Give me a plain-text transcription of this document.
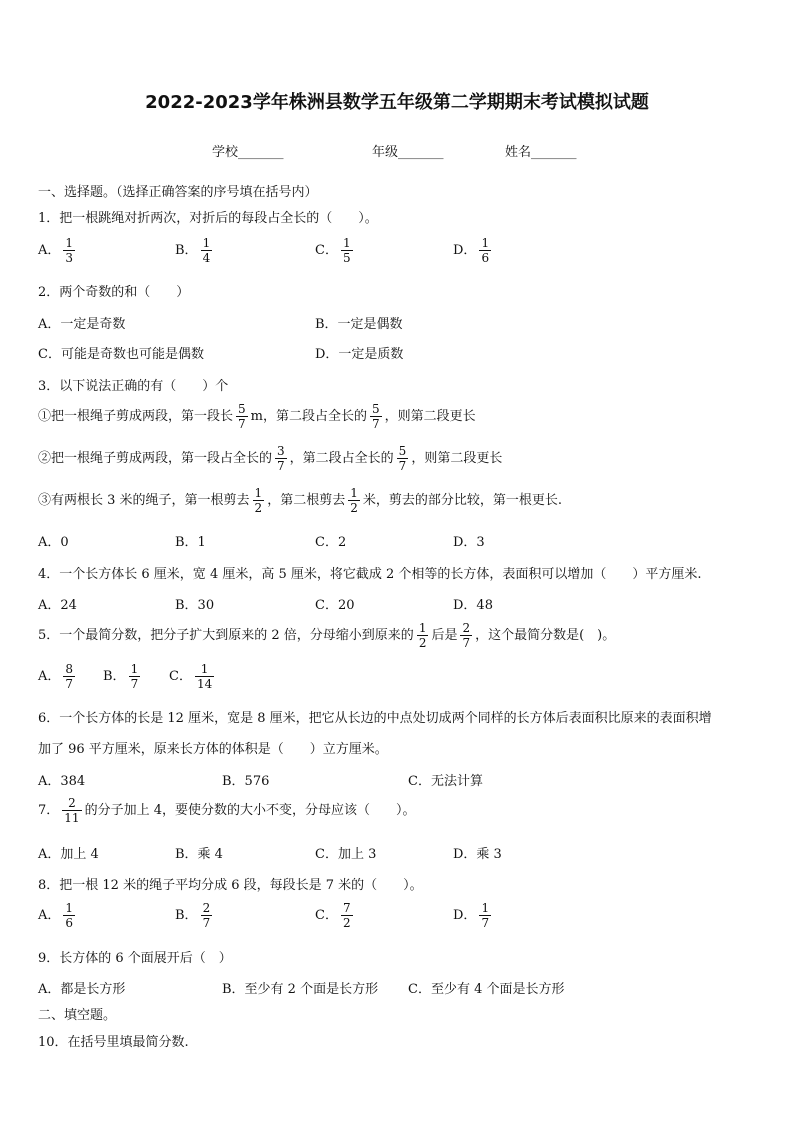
2022-2023学年株洲县数学五年级第二学期期末考试模拟试题
学校_______	年级_______	姓名_______
一、选择题。（选择正确答案的序号填在括号内）
1．把一根跳绳对折两次，对折后的每段占全长的（　　）。
A． $\frac{1}{3}$	B． $\frac{1}{4}$	C． $\frac{1}{5}$	D． $\frac{1}{6}$
2．两个奇数的和（　　）
A．一定是奇数	B．一定是偶数
C．可能是奇数也可能是偶数	D．一定是质数
3．以下说法正确的有（　　）个
①把一根绳子剪成两段，第一段长 $\frac{5}{7}$ m，第二段占全长的 $\frac{5}{7}$ ，则第二段更长
②把一根绳子剪成两段，第一段占全长的 $\frac{3}{7}$ ，第二段占全长的 $\frac{5}{7}$ ，则第二段更长
③有两根长 3 米的绳子，第一根剪去 $\frac{1}{2}$ ，第二根剪去 $\frac{1}{2}$ 米，剪去的部分比较，第一根更长.
A．0	B．1	C．2	D．3
4．一个长方体长 6 厘米，宽 4 厘米，高 5 厘米，将它截成 2 个相等的长方体，表面积可以增加（　　）平方厘米.
A．24	B．30	C．20	D．48
5．一个最简分数，把分子扩大到原来的 2 倍，分母缩小到原来的 $\frac{1}{2}$ 后是 $\frac{2}{7}$ ，这个最简分数是(　)。
A． $\frac{8}{7}$ B． $\frac{1}{7}$ C． $\frac{1}{14}$
6．一个长方体的长是 12 厘米，宽是 8 厘米，把它从长边的中点处切成两个同样的长方体后表面积比原来的表面积增
加了 96 平方厘米，原来长方体的体积是（　　）立方厘米。
A．384	B．576	C．无法计算
7． $\frac{2}{11}$ 的分子加上 4，要使分数的大小不变，分母应该（　　）。
A．加上 4	B．乘 4	C．加上 3	D．乘 3
8．把一根 12 米的绳子平均分成 6 段，每段长是 7 米的（　　）。
A． $\frac{1}{6}$	B． $\frac{2}{7}$	C． $\frac{7}{2}$	D． $\frac{1}{7}$
9．长方体的 6 个面展开后（　）
A．都是长方形	B．至少有 2 个面是长方形 C．至少有 4 个面是长方形
二、填空题。
10．在括号里填最简分数.
